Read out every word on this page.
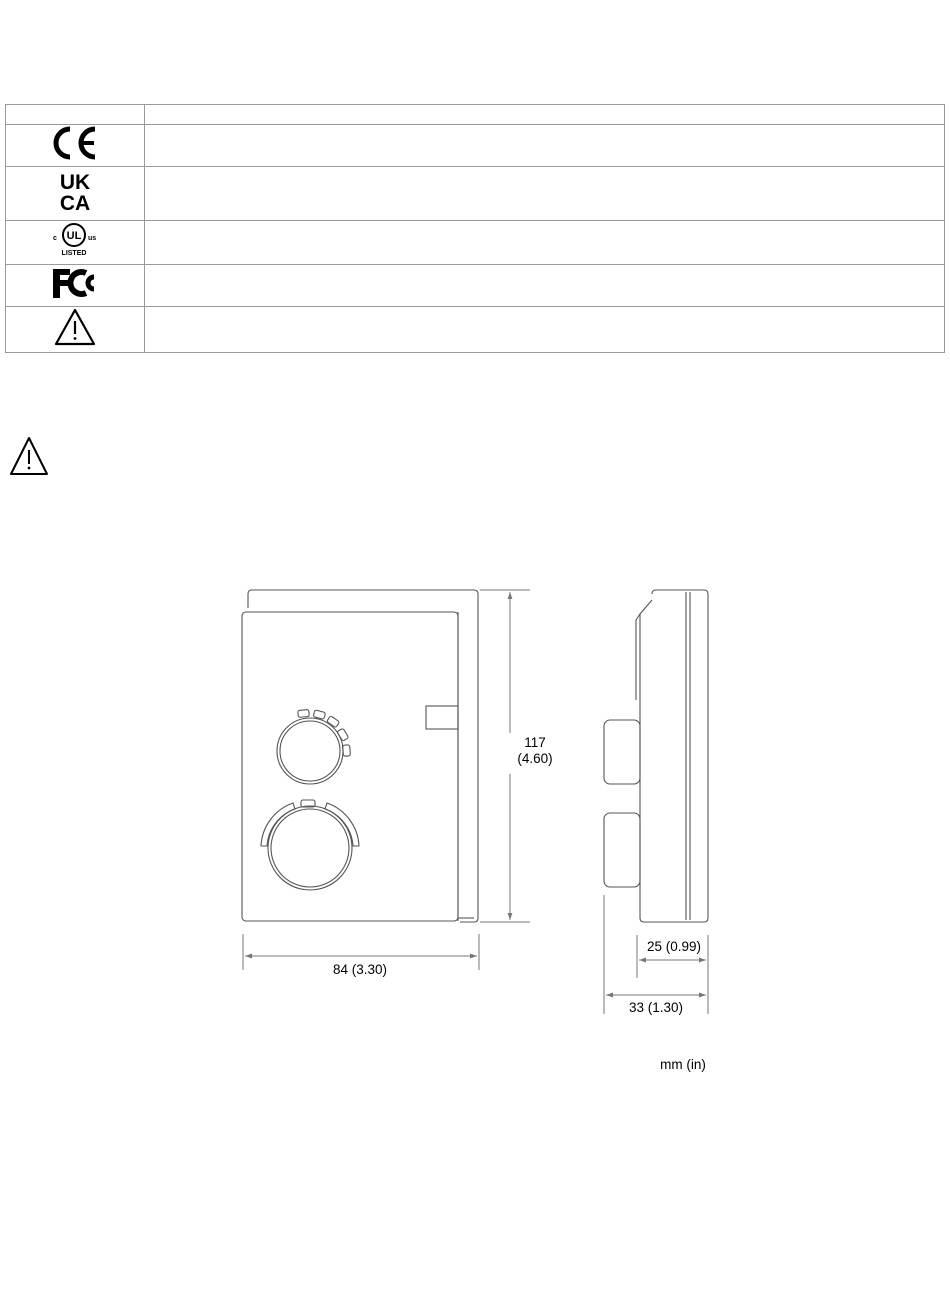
UK
CA	

c UL us
LISTED	

117
(4.60)
84 (3.30)
25 (0.99)
33 (1.30)
mm (in)
